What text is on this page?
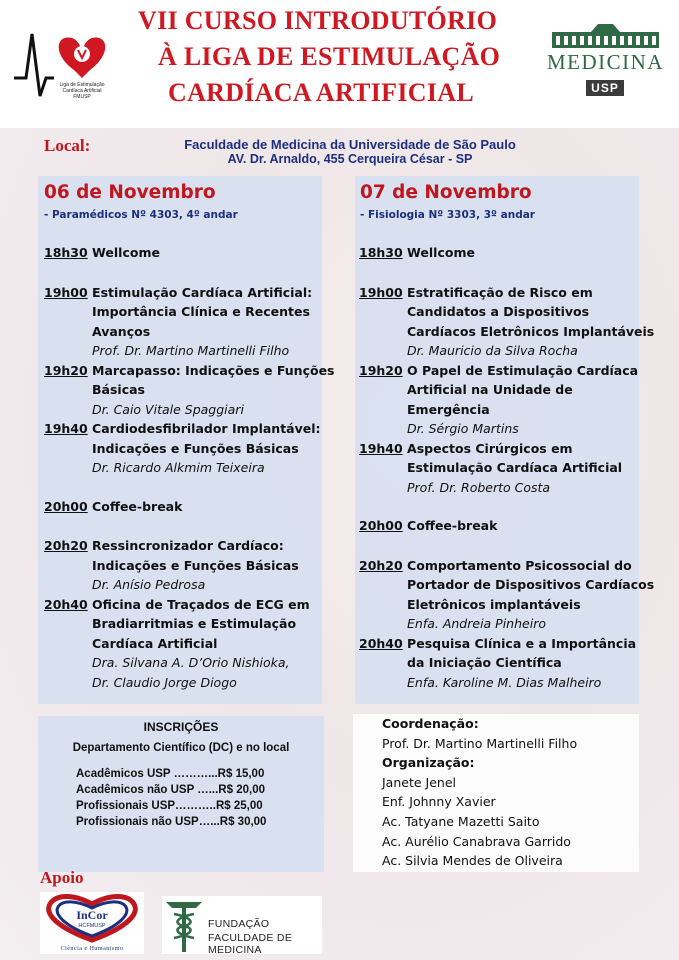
Liga de Estimulação
Cardíaca Artificial
FMUSP
VII CURSO INTRODUTÓRIO
À LIGA DE ESTIMULAÇÃO
CARDÍACA ARTIFICIAL
MEDICINA
USP
Local:	Faculdade de Medicina da Universidade de São Paulo
AV. Dr. Arnaldo, 455 Cerqueira César - SP
06 de Novembro
- Paramédicos Nº 4303, 4º andar
18h30 Wellcome
19h00 Estimulação Cardíaca Artificial:
Importância Clínica e Recentes
Avanços
Prof. Dr. Martino Martinelli Filho
19h20 Marcapasso: Indicações e Funções
Básicas
Dr. Caio Vitale Spaggiari
19h40 Cardiodesfibrilador Implantável:
Indicações e Funções Básicas
Dr. Ricardo Alkmim Teixeira
20h00 Coffee-break
20h20 Ressincronizador Cardíaco:
Indicações e Funções Básicas
Dr. Anísio Pedrosa
20h40 Oficina de Traçados de ECG em
Bradiarritmias e Estimulação
Cardíaca Artificial
Dra. Silvana A. D’Orio Nishioka,
Dr. Claudio Jorge Diogo
07 de Novembro
- Fisiologia Nº 3303, 3º andar
18h30 Wellcome
19h00 Estratificação de Risco em
Candidatos a Dispositivos
Cardíacos Eletrônicos Implantáveis
Dr. Mauricio da Silva Rocha
19h20 O Papel de Estimulação Cardíaca
Artificial na Unidade de
Emergência
Dr. Sérgio Martins
19h40 Aspectos Cirúrgicos em
Estimulação Cardíaca Artificial
Prof. Dr. Roberto Costa
20h00 Coffee-break
20h20 Comportamento Psicossocial do
Portador de Dispositivos Cardíacos
Eletrônicos implantáveis
Enfa. Andreia Pinheiro
20h40 Pesquisa Clínica e a Importância
da Iniciação Científica
Enfa. Karoline M. Dias Malheiro
INSCRIÇÕES
Departamento Científico (DC) e no local
Acadêmicos USP ………...R$ 15,00
Acadêmicos não USP …...R$ 20,00
Profissionais USP………..R$ 25,00
Profissionais não USP…...R$ 30,00
Coordenação:
Prof. Dr. Martino Martinelli Filho
Organização:
Janete Jenel
Enf. Johnny Xavier
Ac. Tatyane Mazetti Saito
Ac. Aurélio Canabrava Garrido
Ac. Silvia Mendes de Oliveira
Apoio
InCor
HCFMUSP
Ciência e Humanismo
FUNDAÇÃO
FACULDADE DE MEDICINA
